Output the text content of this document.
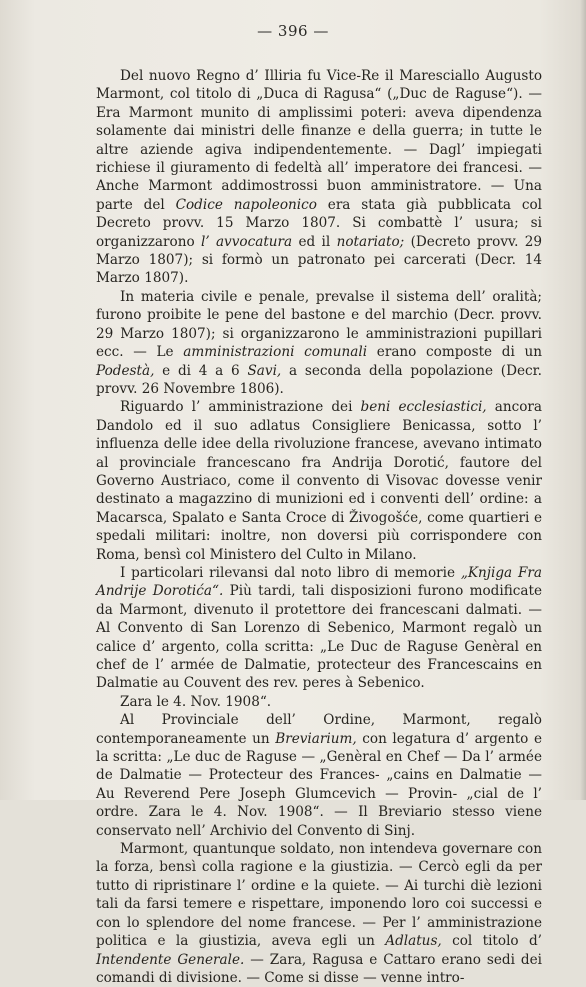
— 396 —

Del nuovo Regno d’ Illiria fu Vice-Re il Maresciallo Augusto Marmont, col titolo di „Duca di Ragusa“ („Duc de Raguse“). — Era Marmont munito di amplissimi poteri: aveva dipendenza solamente dai ministri delle finanze e della guerra; in tutte le altre aziende agiva indipendentemente. — Dagl’ impiegati richiese il giuramento di fedeltà all’ imperatore dei francesi. — Anche Marmont addimostrossi buon amministratore. — Una parte del Codice napoleonico era stata già pubblicata col Decreto provv. 15 Marzo 1807. Si combattè l’ usura; si organizzarono l’ avvocatura ed il notariato; (Decreto provv. 29 Marzo 1807); si formò un patronato pei carcerati (Decr. 14 Marzo 1807).

In materia civile e penale, prevalse il sistema dell’ oralità; furono proibite le pene del bastone e del marchio (Decr. provv. 29 Marzo 1807); si organizzarono le amministrazioni pupillari ecc. — Le amministrazioni comunali erano composte di un Podestà, e di 4 a 6 Savi, a seconda della popolazione (Decr. provv. 26 Novembre 1806).

Riguardo l’ amministrazione dei beni ecclesiastici, ancora Dandolo ed il suo adlatus Consigliere Benicassa, sotto l’ influenza delle idee della rivoluzione francese, avevano intimato al provinciale francescano fra Andrija Dorotić, fautore del Governo Austriaco, come il convento di Visovac dovesse venir destinato a magazzino di munizioni ed i conventi dell’ ordine: a Macarsca, Spalato e Santa Croce di Živogošće, come quartieri e spedali militari: inoltre, non doversi più corrispondere con Roma, bensì col Ministero del Culto in Milano.

I particolari rilevansi dal noto libro di memorie „Knjiga Fra Andrije Dorotića“. Più tardi, tali disposizioni furono modificate da Marmont, divenuto il protettore dei francescani dalmati. — Al Convento di San Lorenzo di Sebenico, Marmont regalò un calice d’ argento, colla scritta: „Le Duc de Raguse Genèral en chef de l’ armée de Dalmatie, protecteur des Francescains en Dalmatie au Couvent des rev. peres à Sebenico.

Zara le 4. Nov. 1908“.

Al Provinciale dell’ Ordine, Marmont, regalò contemporaneamente un Breviarium, con legatura d’ argento e la scritta: „Le duc de Raguse — „Genèral en Chef — Da l’ armée de Dalmatie — Protecteur des Frances- „cains en Dalmatie — Au Reverend Pere Joseph Glumcevich — Provin- „cial de l’ ordre. Zara le 4. Nov. 1908“. — Il Breviario stesso viene conservato nell’ Archivio del Convento di Sinj.

Marmont, quantunque soldato, non intendeva governare con la forza, bensì colla ragione e la giustizia. — Cercò egli da per tutto di ripristinare l’ ordine e la quiete. — Ai turchi diè lezioni tali da farsi temere e rispettare, imponendo loro coi successi e con lo splendore del nome francese. — Per l’ amministrazione politica e la giustizia, aveva egli un Adlatus, col titolo d’ Intendente Generale. — Zara, Ragusa e Cattaro erano sedi dei comandi di divisione. — Come si disse — venne intro-
